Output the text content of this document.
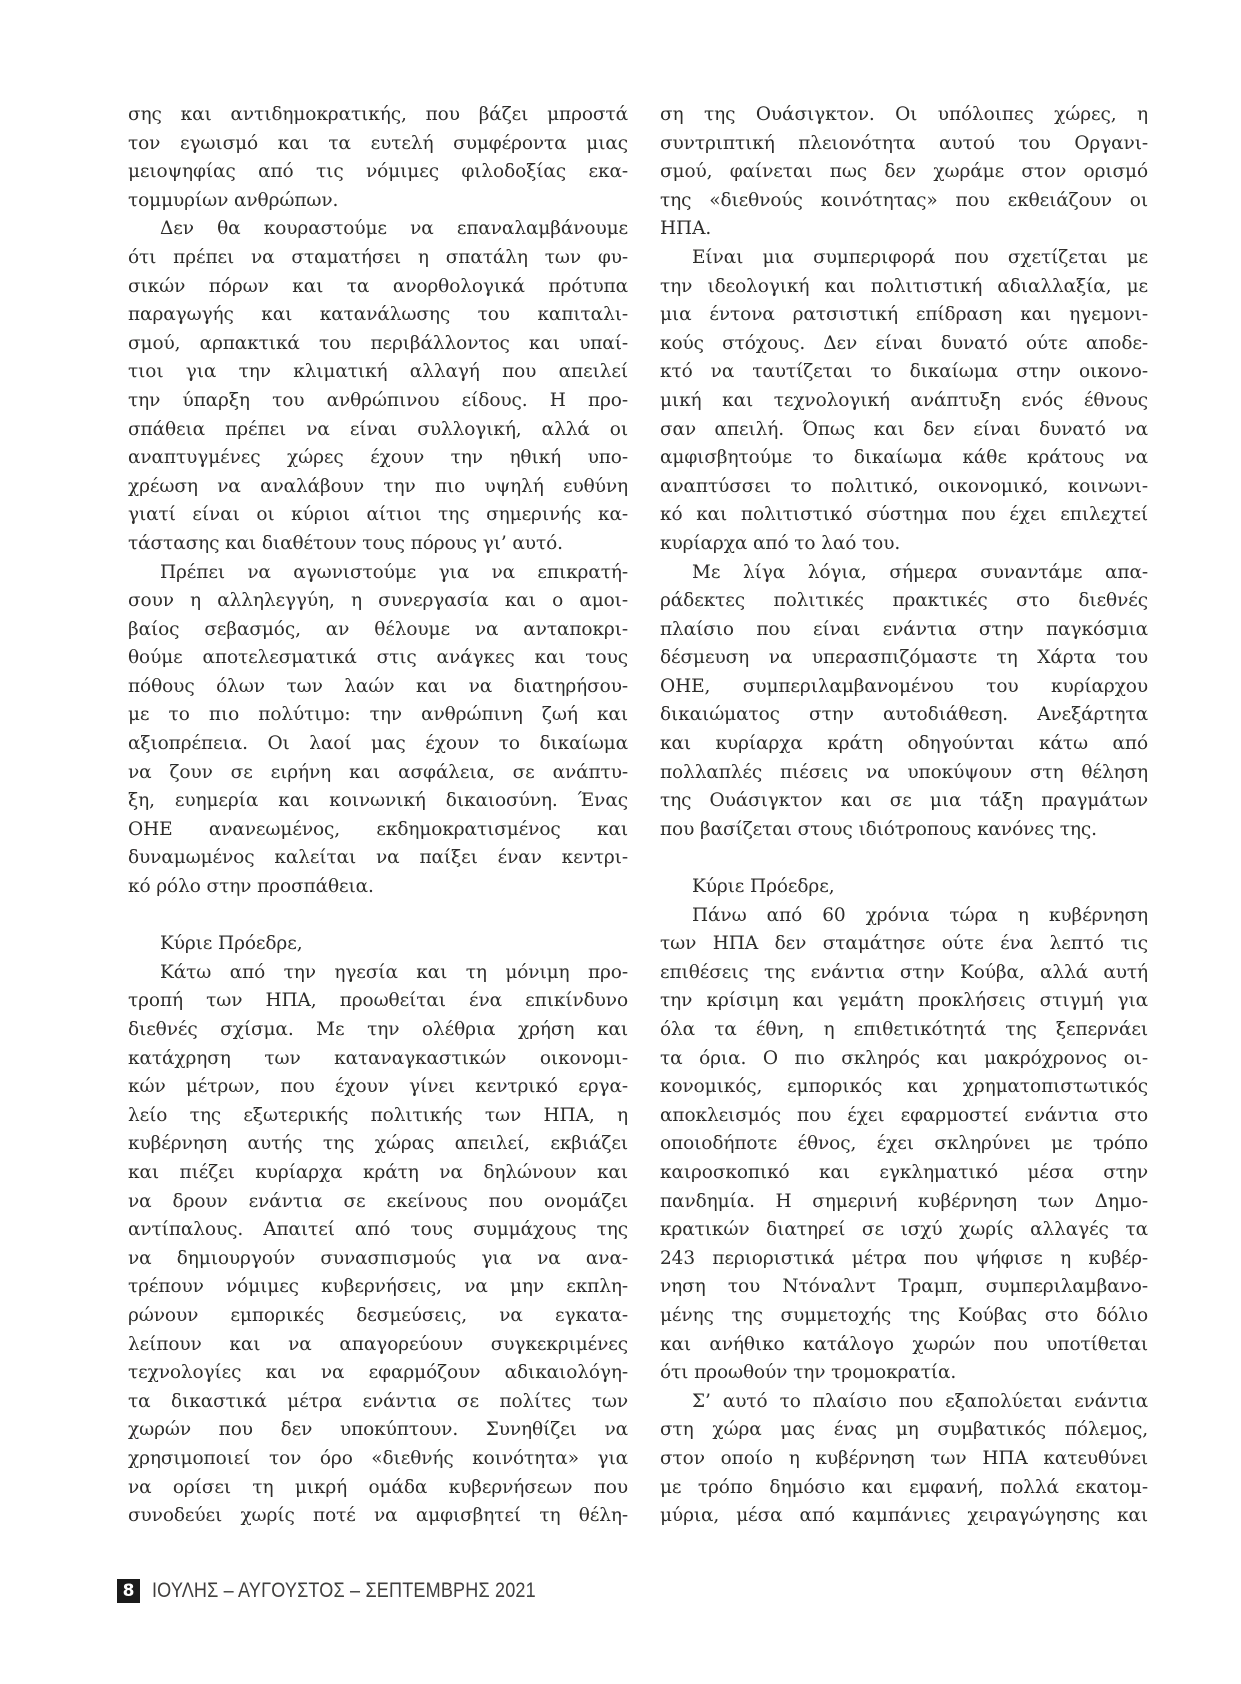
σης και αντιδημοκρατικής, που βάζει μπροστά
τον εγωισμό και τα ευτελή συμφέροντα μιας
μειοψηφίας από τις νόμιμες φιλοδοξίας εκα-
τομμυρίων ανθρώπων.
Δεν θα κουραστούμε να επαναλαμβάνουμε
ότι πρέπει να σταματήσει η σπατάλη των φυ-
σικών πόρων και τα ανορθολογικά πρότυπα
παραγωγής και κατανάλωσης του καπιταλι-
σμού, αρπακτικά του περιβάλλοντος και υπαί-
τιοι για την κλιματική αλλαγή που απειλεί
την ύπαρξη του ανθρώπινου είδους. Η προ-
σπάθεια πρέπει να είναι συλλογική, αλλά οι
αναπτυγμένες χώρες έχουν την ηθική υπο-
χρέωση να αναλάβουν την πιο υψηλή ευθύνη
γιατί είναι οι κύριοι αίτιοι της σημερινής κα-
τάστασης και διαθέτουν τους πόρους γι’ αυτό.
Πρέπει να αγωνιστούμε για να επικρατή-
σουν η αλληλεγγύη, η συνεργασία και ο αμοι-
βαίος σεβασμός, αν θέλουμε να ανταποκρι-
θούμε αποτελεσματικά στις ανάγκες και τους
πόθους όλων των λαών και να διατηρήσου-
με το πιο πολύτιμο: την ανθρώπινη ζωή και
αξιοπρέπεια. Οι λαοί μας έχουν το δικαίωμα
να ζουν σε ειρήνη και ασφάλεια, σε ανάπτυ-
ξη, ευημερία και κοινωνική δικαιοσύνη. Ένας
ΟΗΕ ανανεωμένος, εκδημοκρατισμένος και
δυναμωμένος καλείται να παίξει έναν κεντρι-
κό ρόλο στην προσπάθεια.
Κύριε Πρόεδρε,
Κάτω από την ηγεσία και τη μόνιμη προ-
τροπή των ΗΠΑ, προωθείται ένα επικίνδυνο
διεθνές σχίσμα. Με την ολέθρια χρήση και
κατάχρηση των καταναγκαστικών οικονομι-
κών μέτρων, που έχουν γίνει κεντρικό εργα-
λείο της εξωτερικής πολιτικής των ΗΠΑ, η
κυβέρνηση αυτής της χώρας απειλεί, εκβιάζει
και πιέζει κυρίαρχα κράτη να δηλώνουν και
να δρουν ενάντια σε εκείνους που ονομάζει
αντίπαλους. Απαιτεί από τους συμμάχους της
να δημιουργούν συνασπισμούς για να ανα-
τρέπουν νόμιμες κυβερνήσεις, να μην εκπλη-
ρώνουν εμπορικές δεσμεύσεις, να εγκατα-
λείπουν και να απαγορεύουν συγκεκριμένες
τεχνολογίες και να εφαρμόζουν αδικαιολόγη-
τα δικαστικά μέτρα ενάντια σε πολίτες των
χωρών που δεν υποκύπτουν. Συνηθίζει να
χρησιμοποιεί τον όρο «διεθνής κοινότητα» για
να ορίσει τη μικρή ομάδα κυβερνήσεων που
συνοδεύει χωρίς ποτέ να αμφισβητεί τη θέλη-
ση της Ουάσιγκτον. Οι υπόλοιπες χώρες, η
συντριπτική πλειονότητα αυτού του Οργανι-
σμού, φαίνεται πως δεν χωράμε στον ορισμό
της «διεθνούς κοινότητας» που εκθειάζουν οι
ΗΠΑ.
Είναι μια συμπεριφορά που σχετίζεται με
την ιδεολογική και πολιτιστική αδιαλλαξία, με
μια έντονα ρατσιστική επίδραση και ηγεμονι-
κούς στόχους. Δεν είναι δυνατό ούτε αποδε-
κτό να ταυτίζεται το δικαίωμα στην οικονο-
μική και τεχνολογική ανάπτυξη ενός έθνους
σαν απειλή. Όπως και δεν είναι δυνατό να
αμφισβητούμε το δικαίωμα κάθε κράτους να
αναπτύσσει το πολιτικό, οικονομικό, κοινωνι-
κό και πολιτιστικό σύστημα που έχει επιλεχτεί
κυρίαρχα από το λαό του.
Με λίγα λόγια, σήμερα συναντάμε απα-
ράδεκτες πολιτικές πρακτικές στο διεθνές
πλαίσιο που είναι ενάντια στην παγκόσμια
δέσμευση να υπερασπιζόμαστε τη Χάρτα του
ΟΗΕ, συμπεριλαμβανομένου του κυρίαρχου
δικαιώματος στην αυτοδιάθεση. Ανεξάρτητα
και κυρίαρχα κράτη οδηγούνται κάτω από
πολλαπλές πιέσεις να υποκύψουν στη θέληση
της Ουάσιγκτον και σε μια τάξη πραγμάτων
που βασίζεται στους ιδιότροπους κανόνες της.
Κύριε Πρόεδρε,
Πάνω από 60 χρόνια τώρα η κυβέρνηση
των ΗΠΑ δεν σταμάτησε ούτε ένα λεπτό τις
επιθέσεις της ενάντια στην Κούβα, αλλά αυτή
την κρίσιμη και γεμάτη προκλήσεις στιγμή για
όλα τα έθνη, η επιθετικότητά της ξεπερνάει
τα όρια. Ο πιο σκληρός και μακρόχρονος οι-
κονομικός, εμπορικός και χρηματοπιστωτικός
αποκλεισμός που έχει εφαρμοστεί ενάντια στο
οποιοδήποτε έθνος, έχει σκληρύνει με τρόπο
καιροσκοπικό και εγκληματικό μέσα στην
πανδημία. Η σημερινή κυβέρνηση των Δημο-
κρατικών διατηρεί σε ισχύ χωρίς αλλαγές τα
243 περιοριστικά μέτρα που ψήφισε η κυβέρ-
νηση του Ντόναλντ Τραμπ, συμπεριλαμβανο-
μένης της συμμετοχής της Κούβας στο δόλιο
και ανήθικο κατάλογο χωρών που υποτίθεται
ότι προωθούν την τρομοκρατία.
Σ’ αυτό το πλαίσιο που εξαπολύεται ενάντια
στη χώρα μας ένας μη συμβατικός πόλεμος,
στον οποίο η κυβέρνηση των ΗΠΑ κατευθύνει
με τρόπο δημόσιο και εμφανή, πολλά εκατομ-
μύρια, μέσα από καμπάνιες χειραγώγησης και
8 ΙΟΥΛΗΣ – ΑΥΓΟΥΣΤΟΣ – ΣΕΠΤΕΜΒΡΗΣ 2021
